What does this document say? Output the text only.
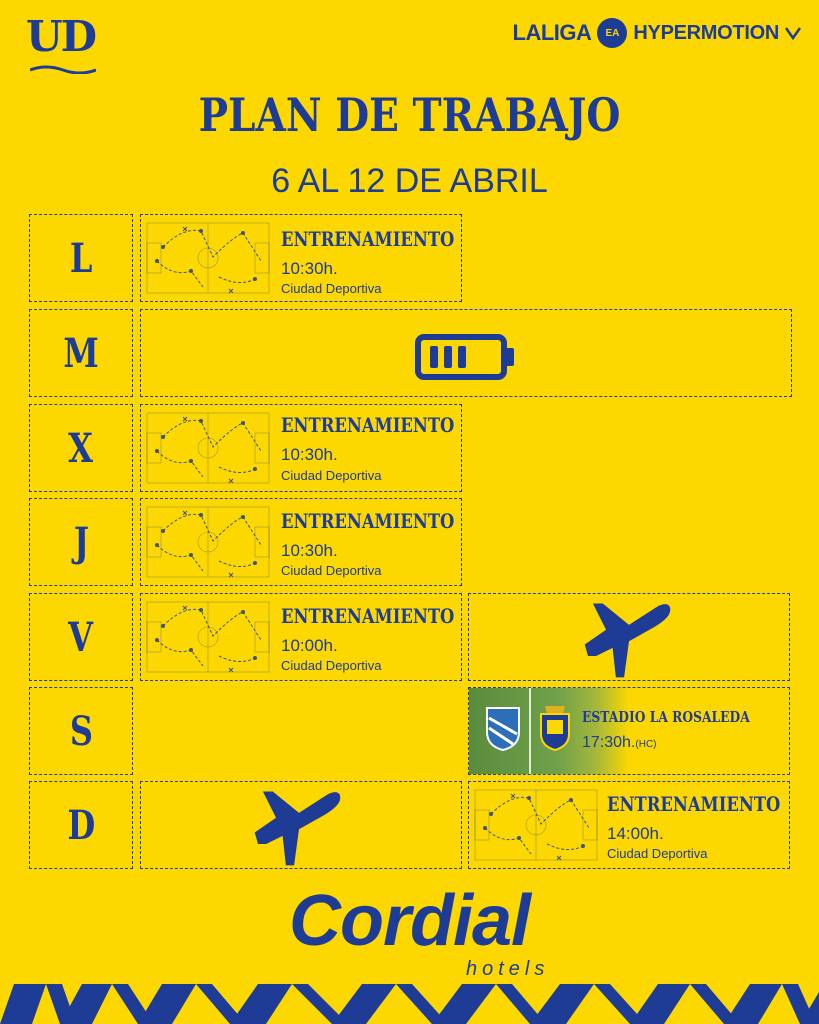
UD	LALIGA	EA HYPERMOTION
PLAN DE TRABAJO
6 AL 12 DE ABRIL
L
M
X
J
V
S
D
ENTRENAMIENTO
10:30h.
Ciudad Deportiva
ENTRENAMIENTO
10:30h.
Ciudad Deportiva
ENTRENAMIENTO
10:30h.
Ciudad Deportiva
ENTRENAMIENTO
10:00h.
Ciudad Deportiva
ESTADIO LA ROSALEDA
17:30h.(HC)
ENTRENAMIENTO
14:00h.
Ciudad Deportiva
Cordial
hotels
